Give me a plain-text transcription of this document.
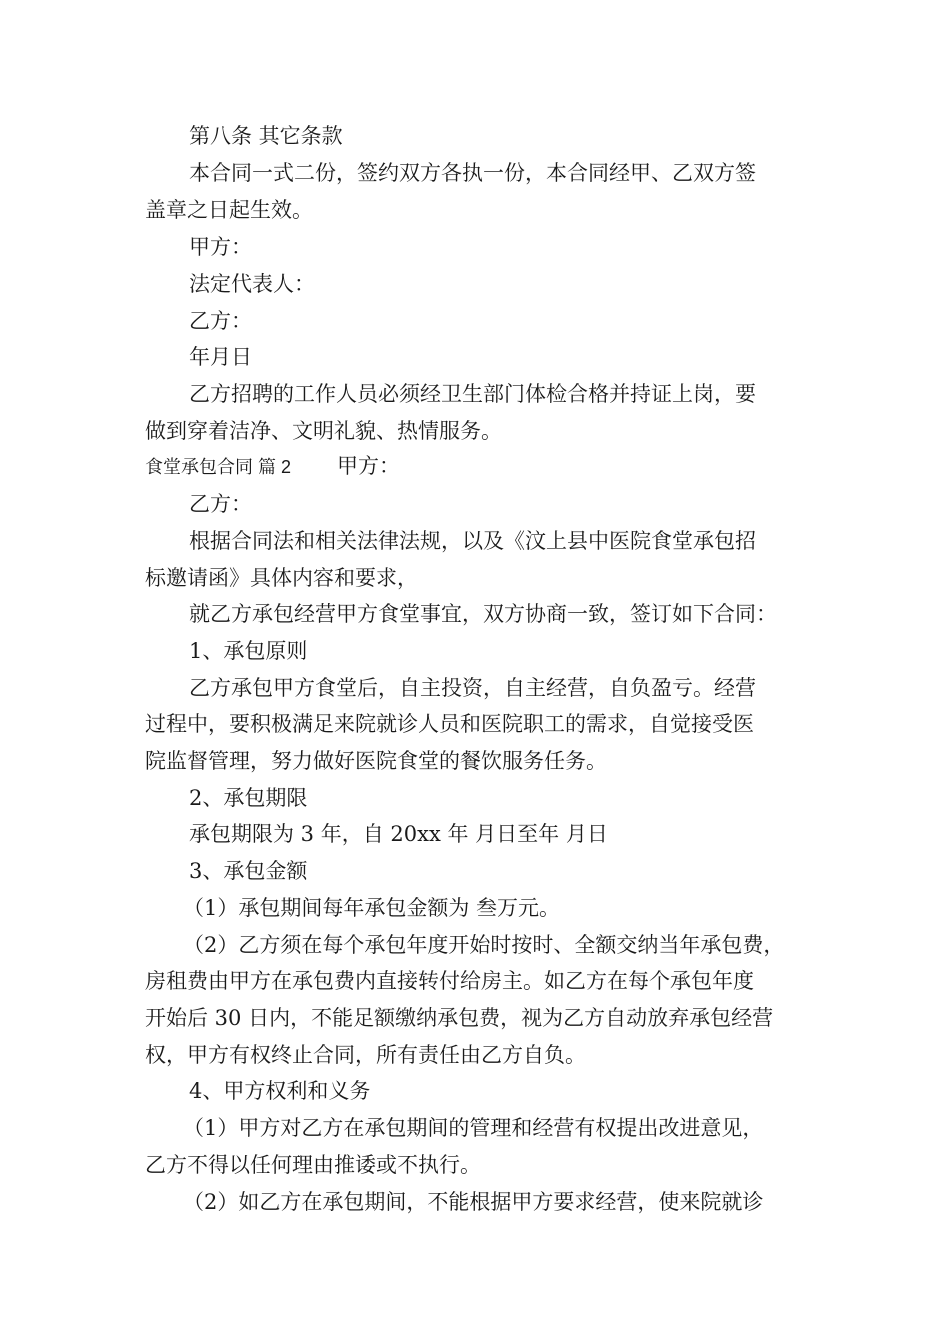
第八条 其它条款
本合同一式二份，签约双方各执一份，本合同经甲、乙双方签
盖章之日起生效。
甲方：
法定代表人：
乙方：
年月日
乙方招聘的工作人员必须经卫生部门体检合格并持证上岗，要
做到穿着洁净、文明礼貌、热情服务。
食堂承包合同 篇 2 甲方：
乙方：
根据合同法和相关法律法规，以及《汶上县中医院食堂承包招
标邀请函》具体内容和要求，
就乙方承包经营甲方食堂事宜，双方协商一致，签订如下合同：
1、承包原则
乙方承包甲方食堂后，自主投资，自主经营，自负盈亏。经营
过程中，要积极满足来院就诊人员和医院职工的需求，自觉接受医
院监督管理，努力做好医院食堂的餐饮服务任务。
2、承包期限
承包期限为 3 年，自 20xx 年 月日至年 月日
3、承包金额
（1）承包期间每年承包金额为 叁万元。
（2）乙方须在每个承包年度开始时按时、全额交纳当年承包费，
房租费由甲方在承包费内直接转付给房主。如乙方在每个承包年度
开始后 30 日内，不能足额缴纳承包费，视为乙方自动放弃承包经营
权，甲方有权终止合同，所有责任由乙方自负。
4、甲方权利和义务
（1）甲方对乙方在承包期间的管理和经营有权提出改进意见，
乙方不得以任何理由推诿或不执行。
（2）如乙方在承包期间，不能根据甲方要求经营，使来院就诊
